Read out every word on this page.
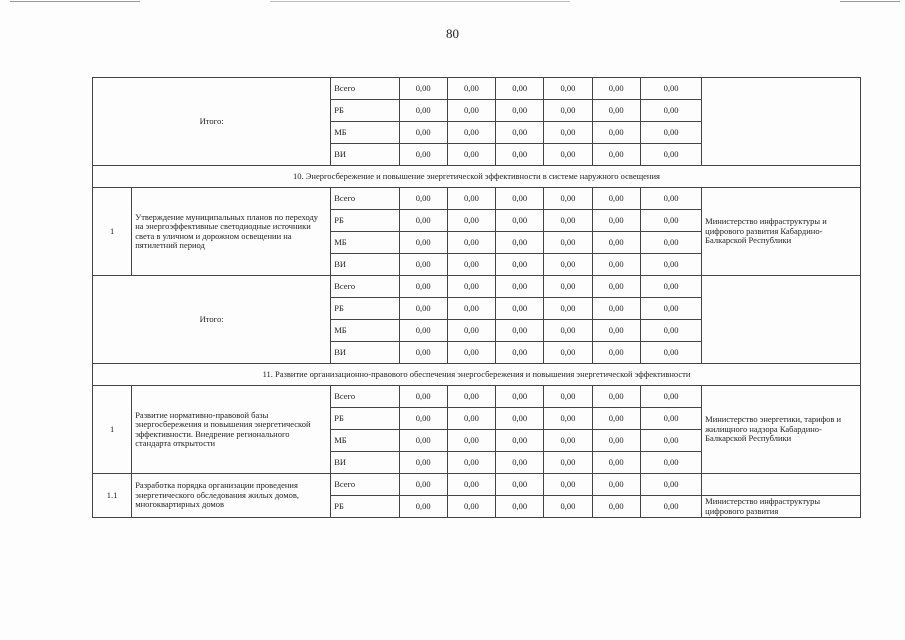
80
Итого:		Всего	0,00	0,00	0,00	0,00	0,00	0,00	
		РБ	0,00	0,00	0,00	0,00	0,00	0,00	
		МБ	0,00	0,00	0,00	0,00	0,00	0,00	
		ВИ	0,00	0,00	0,00	0,00	0,00	0,00	
10. Энергосбережение и повышение энергетической эффективности в системе наружного освещения									
1	Утверждение муниципальных планов по переходу на энергоэффективные светодиодные источники света в уличном и дорожном освещении на пятилетний период	Всего	0,00	0,00	0,00	0,00	0,00	0,00	Министерство инфраструктуры и цифрового развития Кабардино-Балкарской Республики
		РБ	0,00	0,00	0,00	0,00	0,00	0,00	
		МБ	0,00	0,00	0,00	0,00	0,00	0,00	
		ВИ	0,00	0,00	0,00	0,00	0,00	0,00	
Итого:		Всего	0,00	0,00	0,00	0,00	0,00	0,00	
		РБ	0,00	0,00	0,00	0,00	0,00	0,00	
		МБ	0,00	0,00	0,00	0,00	0,00	0,00	
		ВИ	0,00	0,00	0,00	0,00	0,00	0,00	
11. Развитие организационно-правового обеспечения энергосбережения и повышения энергетической эффективности									
1	Развитие нормативно-правовой базы энергосбережения и повышения энергетической эффективности. Внедрение регионального стандарта открытости	Всего	0,00	0,00	0,00	0,00	0,00	0,00	Министерство энергетики, тарифов и жилищного надзора Кабардино-Балкарской Республики
		РБ	0,00	0,00	0,00	0,00	0,00	0,00	
		МБ	0,00	0,00	0,00	0,00	0,00	0,00	
		ВИ	0,00	0,00	0,00	0,00	0,00	0,00	
1.1	Разработка порядка организации проведения энергетического обследования жилых домов, многоквартирных домов	Всего	0,00	0,00	0,00	0,00	0,00	0,00	
		РБ	0,00	0,00	0,00	0,00	0,00	0,00	Министерство инфраструктуры цифрового развития
